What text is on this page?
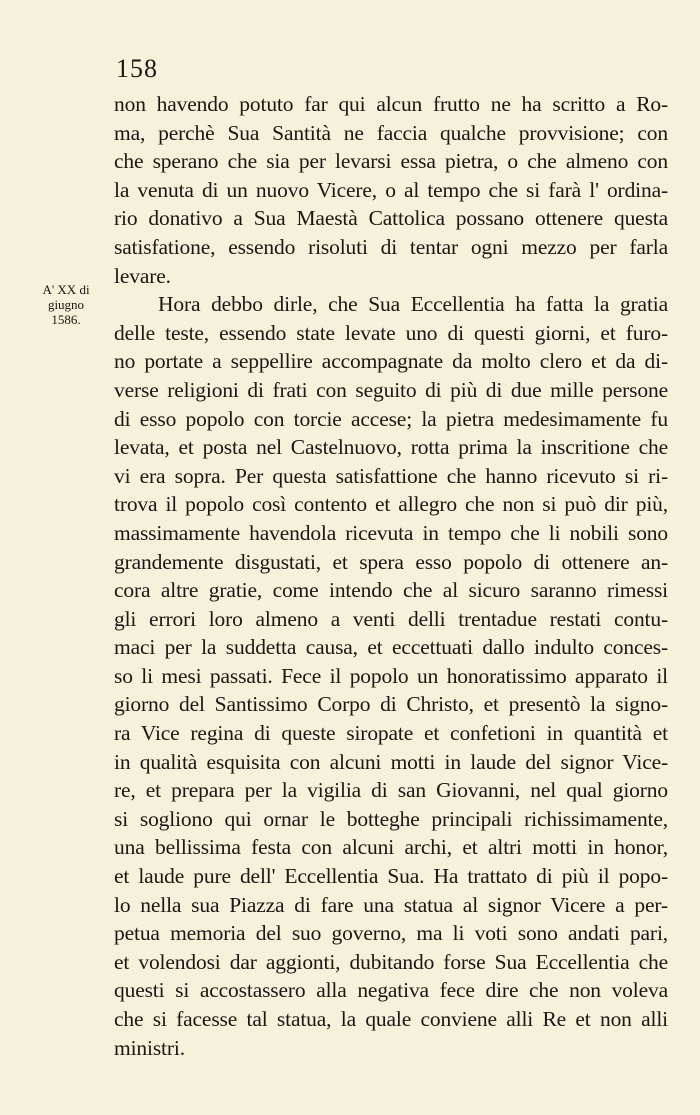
158
A' XX di
giugno
1586.
non havendo potuto far qui alcun frutto ne ha scritto a Ro-
ma, perchè Sua Santità ne faccia qualche provvisione; con
che sperano che sia per levarsi essa pietra, o che almeno con
la venuta di un nuovo Vicere, o al tempo che si farà l' ordina-
rio donativo a Sua Maestà Cattolica possano ottenere questa
satisfatione, essendo risoluti di tentar ogni mezzo per farla
levare.
Hora debbo dirle, che Sua Eccellentia ha fatta la gratia
delle teste, essendo state levate uno di questi giorni, et furo-
no portate a seppellire accompagnate da molto clero et da di-
verse religioni di frati con seguito di più di due mille persone
di esso popolo con torcie accese; la pietra medesimamente fu
levata, et posta nel Castelnuovo, rotta prima la inscritione che
vi era sopra. Per questa satisfattione che hanno ricevuto si ri-
trova il popolo così contento et allegro che non si può dir più,
massimamente havendola ricevuta in tempo che li nobili sono
grandemente disgustati, et spera esso popolo di ottenere an-
cora altre gratie, come intendo che al sicuro saranno rimessi
gli errori loro almeno a venti delli trentadue restati contu-
maci per la suddetta causa, et eccettuati dallo indulto conces-
so li mesi passati. Fece il popolo un honoratissimo apparato il
giorno del Santissimo Corpo di Christo, et presentò la signo-
ra Vice regina di queste siropate et confetioni in quantità et
in qualità esquisita con alcuni motti in laude del signor Vice-
re, et prepara per la vigilia di san Giovanni, nel qual giorno
si sogliono qui ornar le botteghe principali richissimamente,
una bellissima festa con alcuni archi, et altri motti in honor,
et laude pure dell' Eccellentia Sua. Ha trattato di più il popo-
lo nella sua Piazza di fare una statua al signor Vicere a per-
petua memoria del suo governo, ma li voti sono andati pari,
et volendosi dar aggionti, dubitando forse Sua Eccellentia che
questi si accostassero alla negativa fece dire che non voleva
che si facesse tal statua, la quale conviene alli Re et non alli
ministri.
